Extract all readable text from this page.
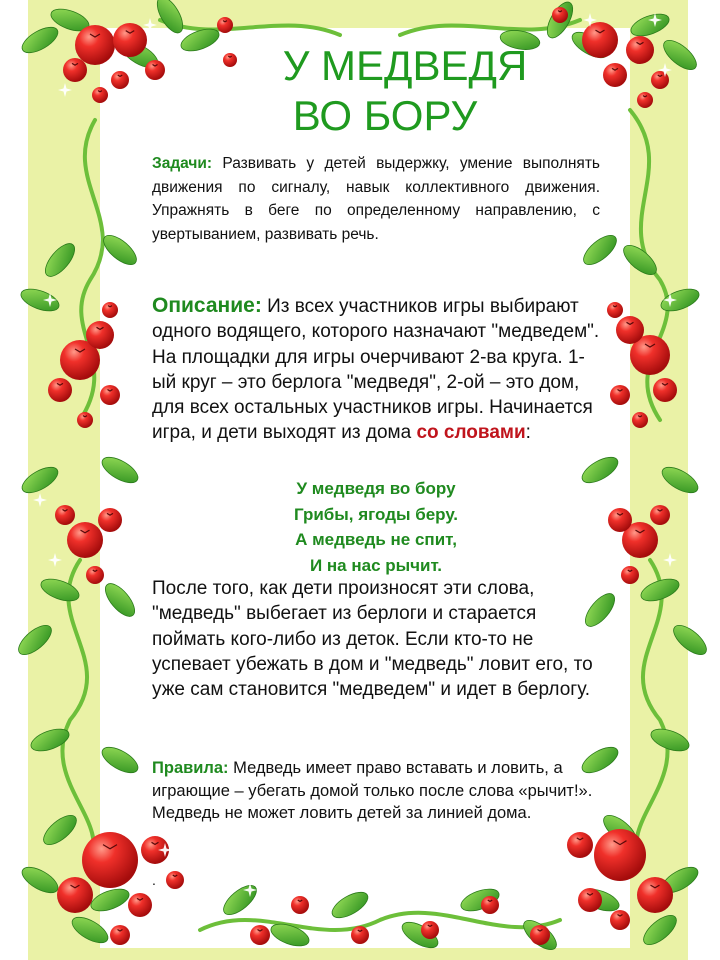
У МЕДВЕДЯ
ВО БОРУ
Задачи: Развивать у детей выдержку, умение выполнять движения по сигналу, навык коллективного движения. Упражнять в беге по определенному направлению, с увертыванием, развивать речь.
Описание: Из всех участников игры выбирают одного водящего, которого назначают "медведем". На площадки для игры очерчивают 2-ва круга. 1-ый круг – это берлога "медведя", 2-ой – это дом, для всех остальных участников игры. Начинается игра, и дети выходят из дома со словами:
У медведя во бору
Грибы, ягоды беру.
А медведь не спит,
И на нас рычит.
После того, как дети произносят эти слова, "медведь" выбегает из берлоги и старается поймать кого-либо из деток. Если кто-то не успевает убежать в дом и "медведь" ловит его, то уже сам становится "медведем" и идет в берлогу.
Правила: Медведь имеет право вставать и ловить, а играющие – убегать домой только после слова «рычит!».
Медведь не может ловить детей за линией дома.
.
